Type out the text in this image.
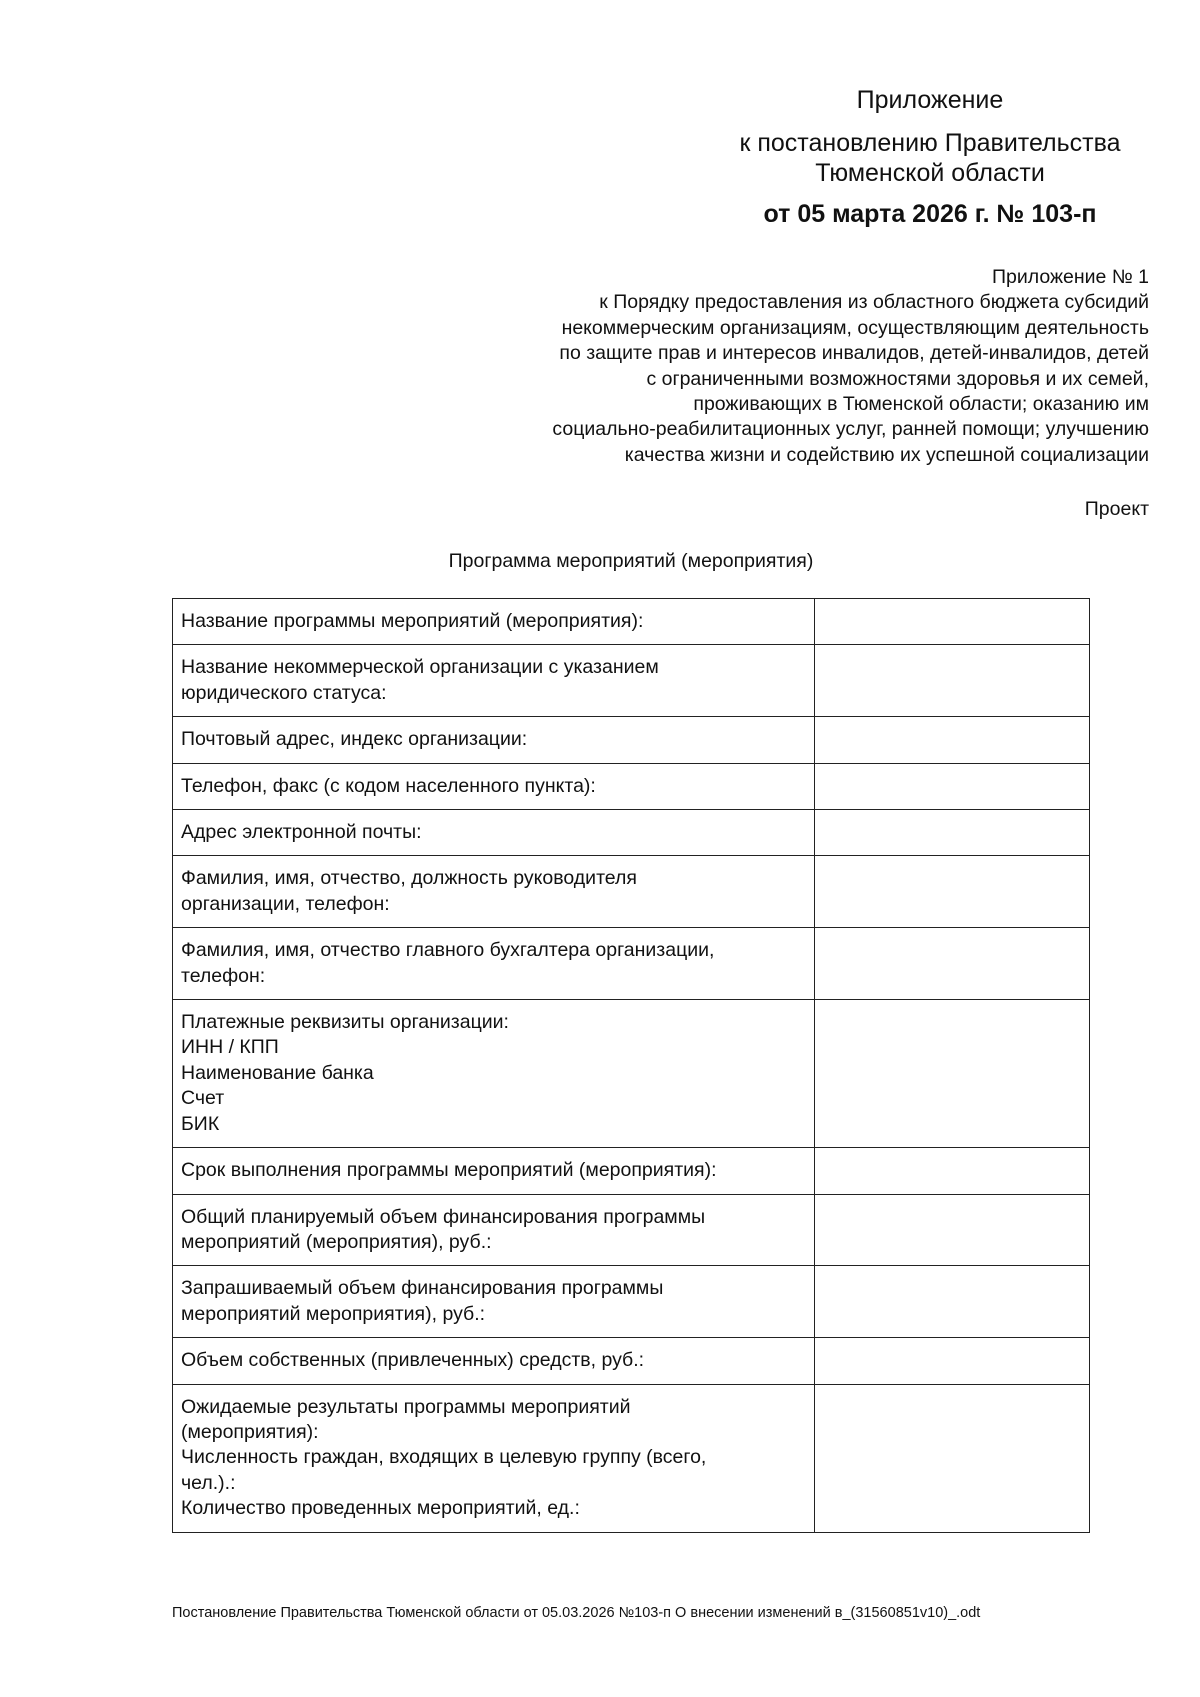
Приложение
к постановлению Правительства
Тюменской области
от 05 марта 2026 г. № 103-п
Приложение № 1
к Порядку предоставления из областного бюджета субсидий
некоммерческим организациям, осуществляющим деятельность
по защите прав и интересов инвалидов, детей-инвалидов, детей
с ограниченными возможностями здоровья и их семей,
проживающих в Тюменской области; оказанию им
социально-реабилитационных услуг, ранней помощи; улучшению
качества жизни и содействию их успешной социализации
Проект
Программа мероприятий (мероприятия)
Название программы мероприятий (мероприятия):	

Название некоммерческой организации с указанием
юридического статуса:	

Почтовый адрес, индекс организации:	

Телефон, факс (с кодом населенного пункта):	

Адрес электронной почты:	

Фамилия, имя, отчество, должность руководителя
организации, телефон:	

Фамилия, имя, отчество главного бухгалтера организации,
телефон:	

Платежные реквизиты организации:
ИНН / КПП
Наименование банка
Счет
БИК	

Срок выполнения программы мероприятий (мероприятия):	

Общий планируемый объем финансирования программы
мероприятий (мероприятия), руб.:	

Запрашиваемый объем финансирования программы
мероприятий мероприятия), руб.:	

Объем собственных (привлеченных) средств, руб.:	

Ожидаемые результаты программы мероприятий
(мероприятия):
Численность граждан, входящих в целевую группу (всего,
чел.).:
Количество проведенных мероприятий, ед.:	

Постановление Правительства Тюменской области от 05.03.2026 №103-п О внесении изменений в_(31560851v10)_.odt
